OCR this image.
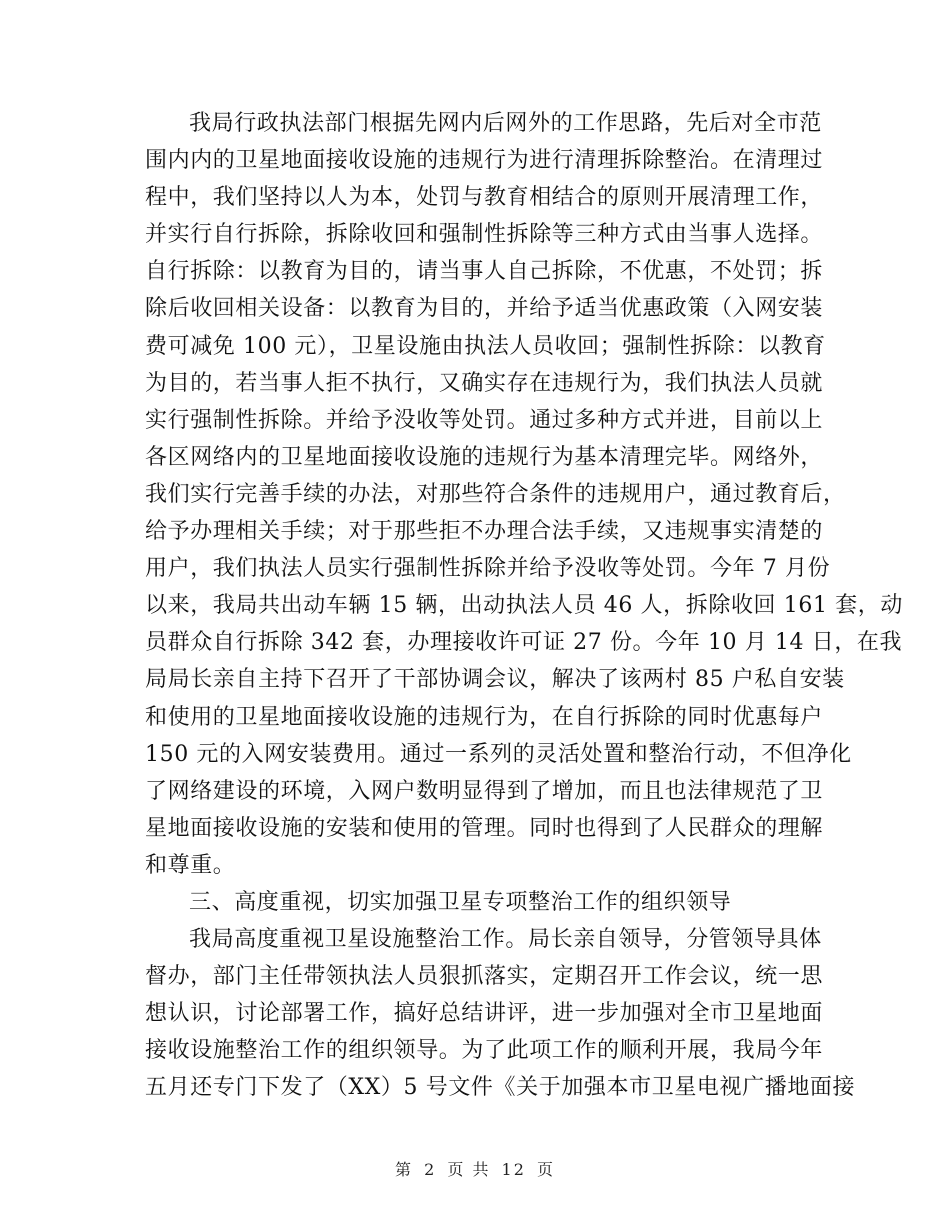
我局行政执法部门根据先网内后网外的工作思路，先后对全市范
围内内的卫星地面接收设施的违规行为进行清理拆除整治。在清理过
程中，我们坚持以人为本，处罚与教育相结合的原则开展清理工作，
并实行自行拆除，拆除收回和强制性拆除等三种方式由当事人选择。
自行拆除：以教育为目的，请当事人自己拆除，不优惠，不处罚；拆
除后收回相关设备：以教育为目的，并给予适当优惠政策（入网安装
费可减免 100 元），卫星设施由执法人员收回；强制性拆除：以教育
为目的，若当事人拒不执行，又确实存在违规行为，我们执法人员就
实行强制性拆除。并给予没收等处罚。通过多种方式并进，目前以上
各区网络内的卫星地面接收设施的违规行为基本清理完毕。网络外，
我们实行完善手续的办法，对那些符合条件的违规用户，通过教育后，
给予办理相关手续；对于那些拒不办理合法手续，又违规事实清楚的
用户，我们执法人员实行强制性拆除并给予没收等处罚。今年 7 月份
以来，我局共出动车辆 15 辆，出动执法人员 46 人，拆除收回 161 套，动
员群众自行拆除 342 套，办理接收许可证 27 份。今年 10 月 14 日，在我
局局长亲自主持下召开了干部协调会议，解决了该两村 85 户私自安装
和使用的卫星地面接收设施的违规行为，在自行拆除的同时优惠每户
150 元的入网安装费用。通过一系列的灵活处置和整治行动，不但净化
了网络建设的环境，入网户数明显得到了增加，而且也法律规范了卫
星地面接收设施的安装和使用的管理。同时也得到了人民群众的理解
和尊重。
三、高度重视，切实加强卫星专项整治工作的组织领导
我局高度重视卫星设施整治工作。局长亲自领导，分管领导具体
督办，部门主任带领执法人员狠抓落实，定期召开工作会议，统一思
想认识，讨论部署工作，搞好总结讲评，进一步加强对全市卫星地面
接收设施整治工作的组织领导。为了此项工作的顺利开展，我局今年
五月还专门下发了（XX）5 号文件《关于加强本市卫星电视广播地面接
第 2 页 共 12 页
